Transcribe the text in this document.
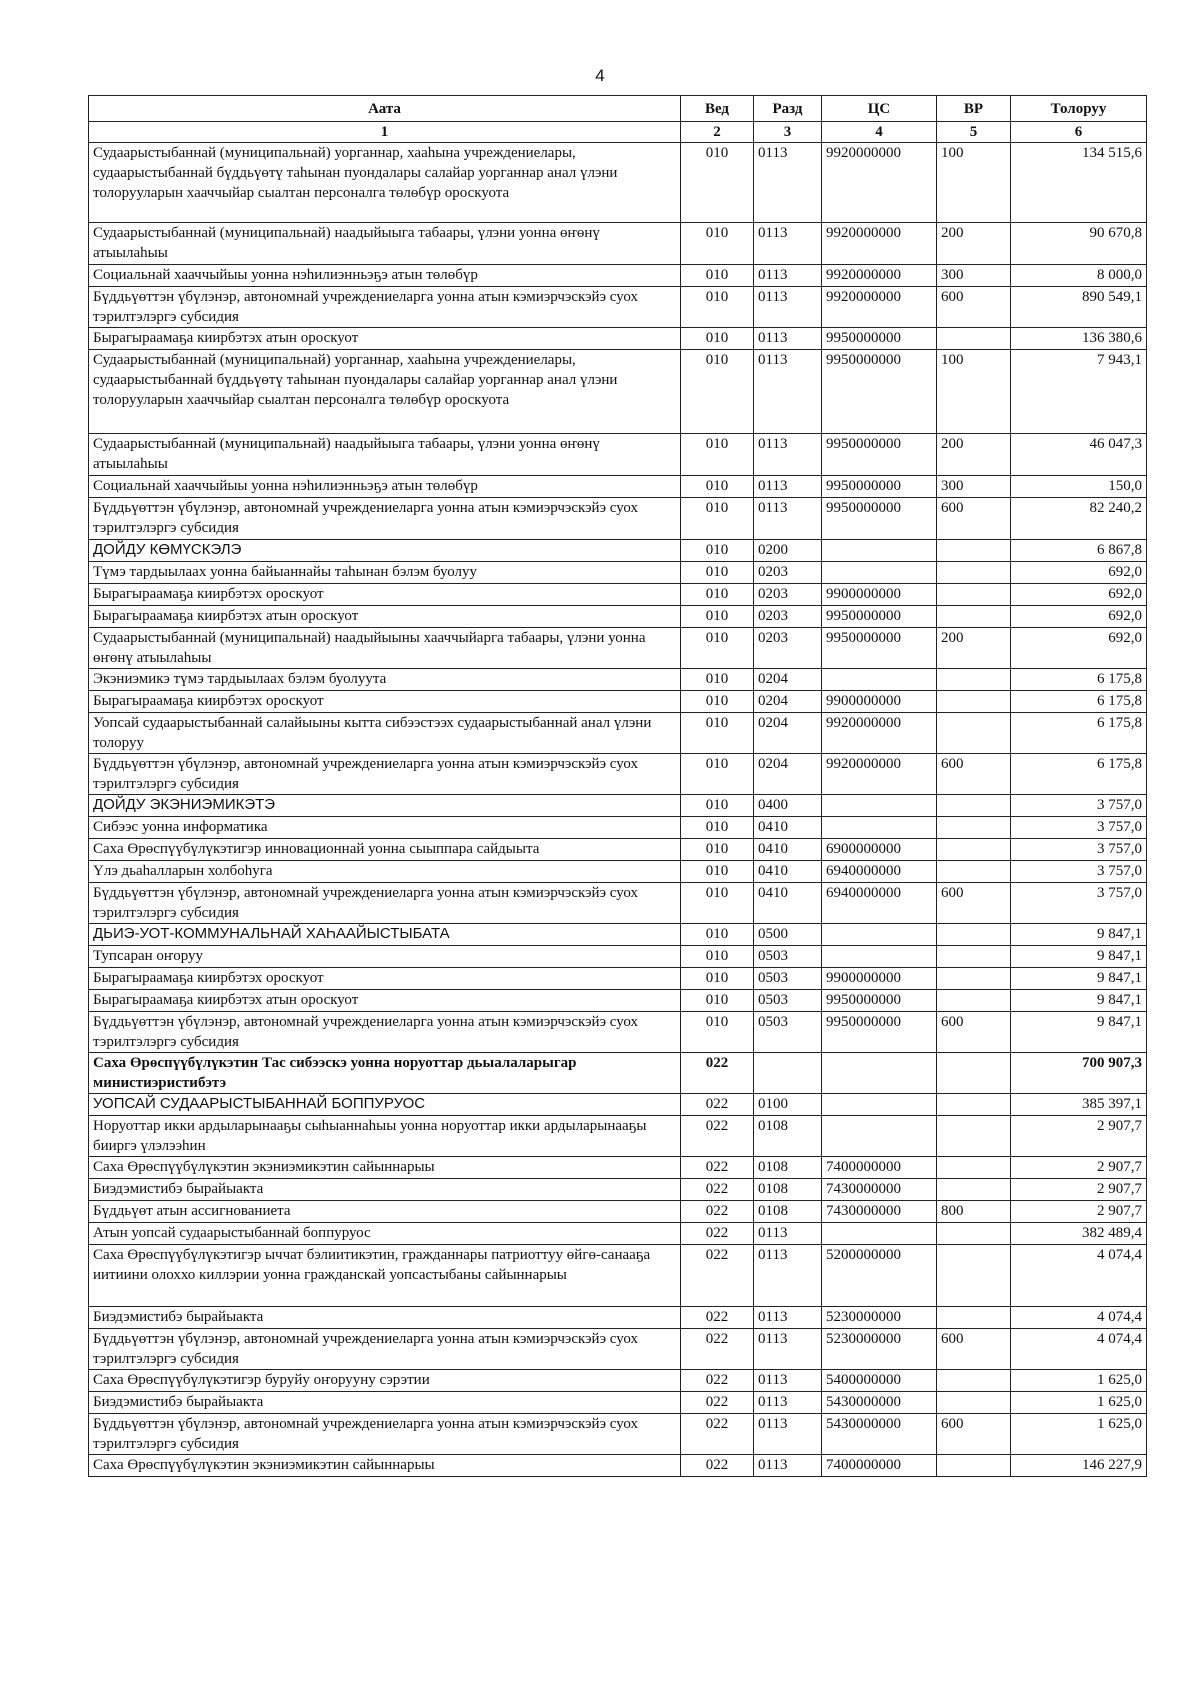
4
Аата	Вед	Разд	ЦС	ВР	Толоруу
1	2	3	4	5	6
Судаарыстыбаннай (муниципальнай) уорганнар, хааһына учреждениелары, судаарыстыбаннай бүддьүөтү таһынан пуондалары салайар уорганнар анал үлэни толорууларын хааччыйар сыалтан персоналга төлөбүр ороскуота	010	0113	9920000000	100	134 515,6
Судаарыстыбаннай (муниципальнай) наадыйыыга табаары, үлэни уонна өҥөнү атыылаһыы	010	0113	9920000000	200	90 670,8
Социальнай хааччыйыы уонна нэһилиэнньэҕэ атын төлөбүр	010	0113	9920000000	300	8 000,0
Бүддьүөттэн үбүлэнэр, автономнай учреждениеларга уонна атын кэмиэрчэскэйэ суох тэрилтэлэргэ субсидия	010	0113	9920000000	600	890 549,1
Бырагыраамаҕа киирбэтэх атын ороскуот	010	0113	9950000000		136 380,6
Судаарыстыбаннай (муниципальнай) уорганнар, хааһына учреждениелары, судаарыстыбаннай бүддьүөтү таһынан пуондалары салайар уорганнар анал үлэни толорууларын хааччыйар сыалтан персоналга төлөбүр ороскуота	010	0113	9950000000	100	7 943,1
Судаарыстыбаннай (муниципальнай) наадыйыыга табаары, үлэни уонна өҥөнү атыылаһыы	010	0113	9950000000	200	46 047,3
Социальнай хааччыйыы уонна нэһилиэнньэҕэ атын төлөбүр	010	0113	9950000000	300	150,0
Бүддьүөттэн үбүлэнэр, автономнай учреждениеларга уонна атын кэмиэрчэскэйэ суох тэрилтэлэргэ субсидия	010	0113	9950000000	600	82 240,2
ДОЙДУ КӨМҮСКЭЛЭ	010	0200			6 867,8
Түмэ тардыылаах уонна байыаннайы таһынан бэлэм буолуу	010	0203			692,0
Бырагыраамаҕа киирбэтэх ороскуот	010	0203	9900000000		692,0
Бырагыраамаҕа киирбэтэх атын ороскуот	010	0203	9950000000		692,0
Судаарыстыбаннай (муниципальнай) наадыйыыны хааччыйарга табаары, үлэни уонна өҥөнү атыылаһыы	010	0203	9950000000	200	692,0
Экэниэмикэ түмэ тардыылаах бэлэм буолуута	010	0204			6 175,8
Бырагыраамаҕа киирбэтэх ороскуот	010	0204	9900000000		6 175,8
Уопсай судаарыстыбаннай салайыыны кытта сибээстээх судаарыстыбаннай анал үлэни толоруу	010	0204	9920000000		6 175,8
Бүддьүөттэн үбүлэнэр, автономнай учреждениеларга уонна атын кэмиэрчэскэйэ суох тэрилтэлэргэ субсидия	010	0204	9920000000	600	6 175,8
ДОЙДУ ЭКЭНИЭМИКЭТЭ	010	0400			3 757,0
Сибээс уонна информатика	010	0410			3 757,0
Саха Өрөспүүбүлүкэтигэр инновационнай уонна сыыппара сайдыыта	010	0410	6900000000		3 757,0
Үлэ дьаһалларын холбоһуга	010	0410	6940000000		3 757,0
Бүддьүөттэн үбүлэнэр, автономнай учреждениеларга уонна атын кэмиэрчэскэйэ суох тэрилтэлэргэ субсидия	010	0410	6940000000	600	3 757,0
ДЬИЭ-УОТ-КОММУНАЛЬНАЙ ХАҺААЙЫСТЫБАТА	010	0500			9 847,1
Тупсаран оҥоруу	010	0503			9 847,1
Бырагыраамаҕа киирбэтэх ороскуот	010	0503	9900000000		9 847,1
Бырагыраамаҕа киирбэтэх атын ороскуот	010	0503	9950000000		9 847,1
Бүддьүөттэн үбүлэнэр, автономнай учреждениеларга уонна атын кэмиэрчэскэйэ суох тэрилтэлэргэ субсидия	010	0503	9950000000	600	9 847,1
Саха Өрөспүүбүлүкэтин Тас сибээскэ уонна норуоттар дьыалаларыгар министиэристибэтэ	022				700 907,3
УОПСАЙ СУДААРЫСТЫБАННАЙ БОППУРУОС	022	0100			385 397,1
Норуоттар икки ардыларынааҕы сыһыаннаһыы уонна норуоттар икки ардыларынааҕы бииргэ үлэлээһин	022	0108			2 907,7
Саха Өрөспүүбүлүкэтин экэниэмикэтин сайыннарыы	022	0108	7400000000		2 907,7
Биэдэмистибэ бырайыакта	022	0108	7430000000		2 907,7
Бүддьүөт атын ассигнованиета	022	0108	7430000000	800	2 907,7
Атын уопсай судаарыстыбаннай боппуруос	022	0113			382 489,4
Саха Өрөспүүбүлүкэтигэр ыччат бэлиитикэтин, гражданнары патриоттуу өйгө-санааҕа иитиини олоххо киллэрии уонна гражданскай уопсастыбаны сайыннарыы	022	0113	5200000000		4 074,4
Биэдэмистибэ бырайыакта	022	0113	5230000000		4 074,4
Бүддьүөттэн үбүлэнэр, автономнай учреждениеларга уонна атын кэмиэрчэскэйэ суох тэрилтэлэргэ субсидия	022	0113	5230000000	600	4 074,4
Саха Өрөспүүбүлүкэтигэр буруйу оҥорууну сэрэтии	022	0113	5400000000		1 625,0
Биэдэмистибэ бырайыакта	022	0113	5430000000		1 625,0
Бүддьүөттэн үбүлэнэр, автономнай учреждениеларга уонна атын кэмиэрчэскэйэ суох тэрилтэлэргэ субсидия	022	0113	5430000000	600	1 625,0
Саха Өрөспүүбүлүкэтин экэниэмикэтин сайыннарыы	022	0113	7400000000		146 227,9
